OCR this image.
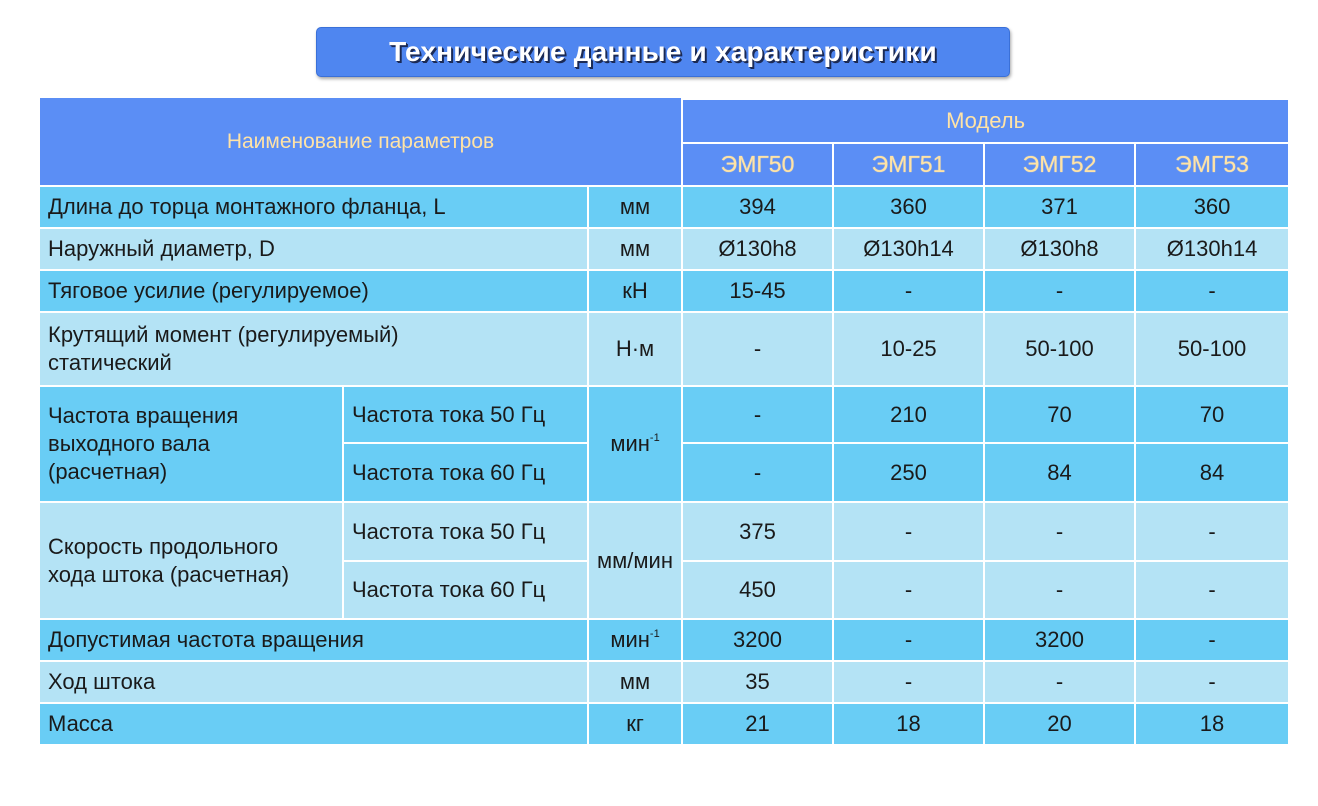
Технические данные и характеристики
Наименование параметров			Модель			
			ЭМГ50	ЭМГ51	ЭМГ52	ЭМГ53
Длина до торца монтажного фланца, L		мм	394	360	371	360
Наружный диаметр, D		мм	Ø130h8	Ø130h14	Ø130h8	Ø130h14
Тяговое усилие (регулируемое)		кН	15-45	-	-	-

Крутящий момент (регулируемый)
статический		Н·м	-	10-25	50-100	50-100

Частота вращения
выходного вала
(расчетная)	Частота тока 50 Гц	мин$^{-1}$	-	210	70	70
	Частота тока 60 Гц		-	250	84	84

Скорость продольного
хода штока (расчетная)	Частота тока 50 Гц	мм/мин	375	-	-	-
	Частота тока 60 Гц		450	-	-	-
Допустимая частота вращения		мин$^{-1}$	3200	-	3200	-
Ход штока		мм	35	-	-	-
Масса		кг	21	18	20	18
